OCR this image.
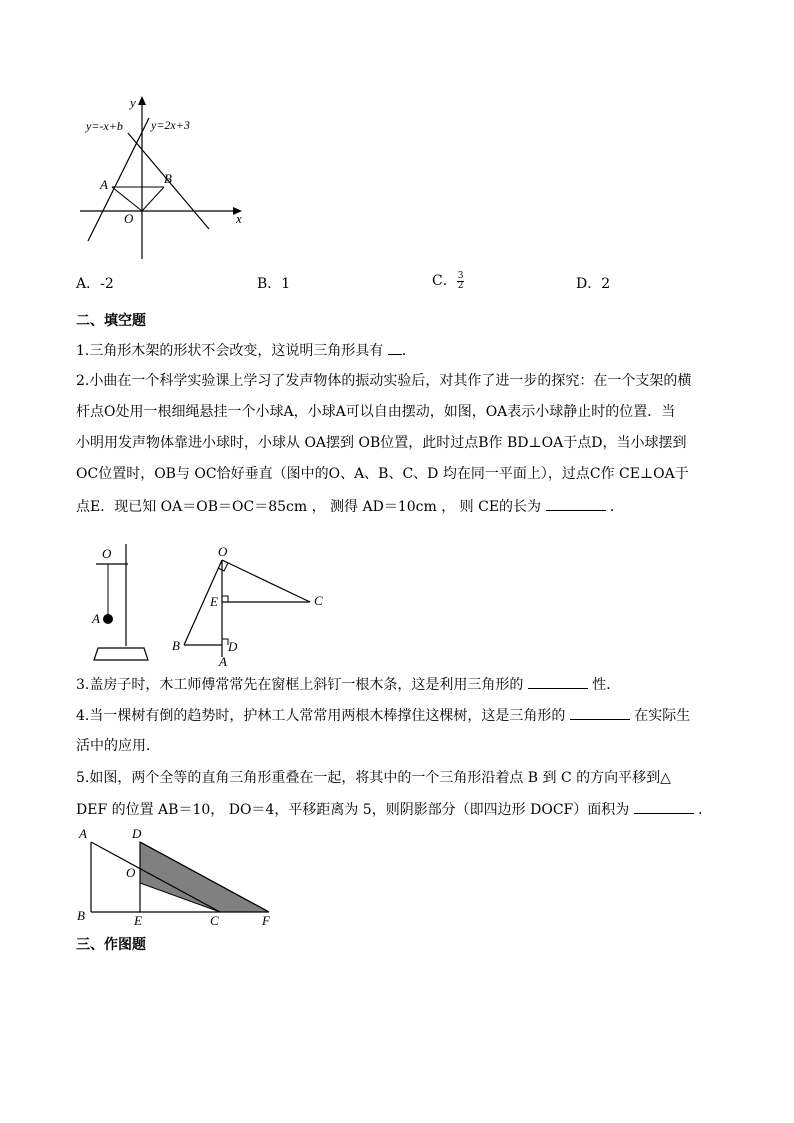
y
x
O
y=-x+b y=2x+3
A	B
A．-2	B．1	C． $\frac{3}{2}$	D．2
二、填空题
1.三角形木架的形状不会改变，这说明三角形具有 ．
2.小曲在一个科学实验课上学习了发声物体的振动实验后，对其作了进一步的探究：在一个支架的横
杆点O处用一根细绳悬挂一个小球A，小球A可以自由摆动，如图，OA表示小球静止时的位置．当
小明用发声物体靠进小球时，小球从 OA摆到 OB位置，此时过点B作 BD⊥OA于点D，当小球摆到
OC位置时，OB与 OC恰好垂直（图中的O、A、B、C、D 均在同一平面上），过点C作 CE⊥OA于
点E．现已知 OA＝OB＝OC＝85cm ， 测得 AD＝10cm ， 则 CE的长为	．
O
A
O
E	C
B	D
A
3.盖房子时，木工师傅常常先在窗框上斜钉一根木条，这是利用三角形的	性．
4.当一棵树有倒的趋势时，护林工人常常用两根木棒撑住这棵树，这是三角形的	在实际生
活中的应用．
5.如图，两个全等的直角三角形重叠在一起，将其中的一个三角形沿着点 B 到 C 的方向平移到△
DEF 的位置 AB＝10， DO＝4，平移距离为 5，则阴影部分（即四边形 DOCF）面积为	．
A	D
O
B	E	C	F
三、作图题
